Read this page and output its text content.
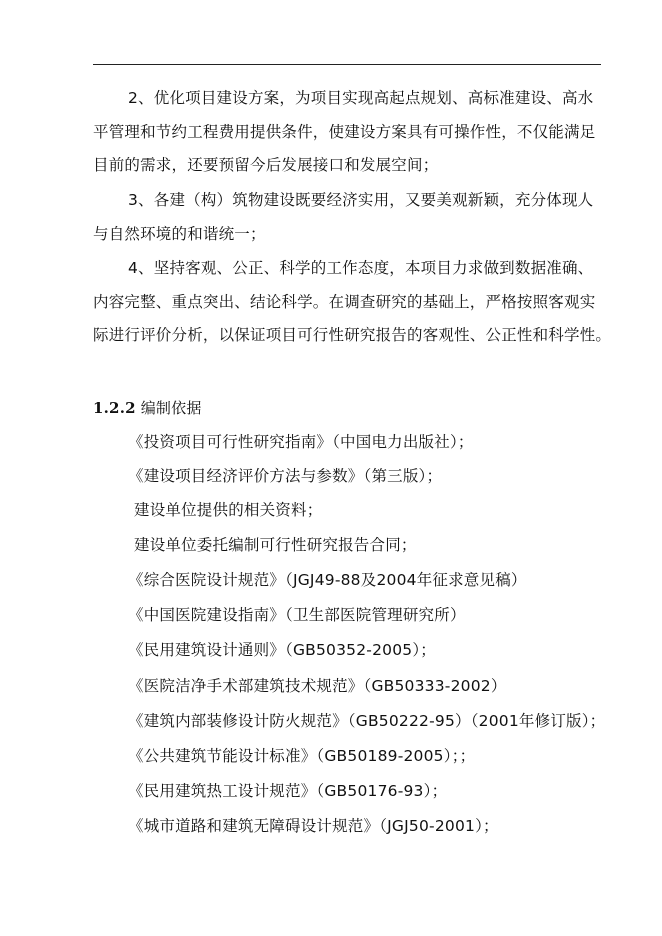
2、优化项目建设方案，为项目实现高起点规划、高标准建设、高水
平管理和节约工程费用提供条件，使建设方案具有可操作性，不仅能满足
目前的需求，还要预留今后发展接口和发展空间；
3、各建（构）筑物建设既要经济实用，又要美观新颖，充分体现人
与自然环境的和谐统一；
4、坚持客观、公正、科学的工作态度，本项目力求做到数据准确、
内容完整、重点突出、结论科学。在调查研究的基础上，严格按照客观实
际进行评价分析，以保证项目可行性研究报告的客观性、公正性和科学性。
1.2.2 编制依据
《投资项目可行性研究指南》（中国电力出版社）；
《建设项目经济评价方法与参数》（第三版）；
建设单位提供的相关资料；
建设单位委托编制可行性研究报告合同；
《综合医院设计规范》（JGJ49-88及2004年征求意见稿）
《中国医院建设指南》（卫生部医院管理研究所）
《民用建筑设计通则》（GB50352-2005）；
《医院洁净手术部建筑技术规范》（GB50333-2002）
《建筑内部装修设计防火规范》（GB50222-95）（2001年修订版）；
《公共建筑节能设计标准》（GB50189-2005）；；
《民用建筑热工设计规范》（GB50176-93）；
《城市道路和建筑无障碍设计规范》（JGJ50-2001）；
